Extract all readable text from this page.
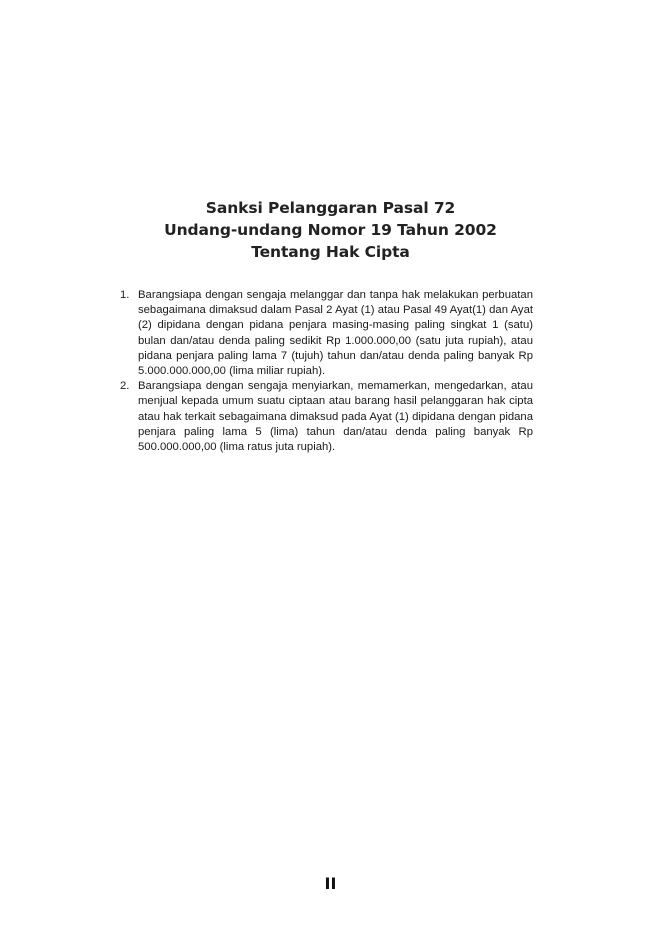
Sanksi Pelanggaran Pasal 72
Undang-undang Nomor 19 Tahun 2002
Tentang Hak Cipta
1. Barangsiapa dengan sengaja melanggar dan tanpa hak melakukan perbuatan sebagaimana dimaksud dalam Pasal 2 Ayat (1) atau Pasal 49 Ayat(1) dan Ayat (2) dipidana dengan pidana penjara masing-masing paling singkat 1 (satu) bulan dan/atau denda paling sedikit Rp 1.000.000,00 (satu juta rupiah), atau pidana penjara paling lama 7 (tujuh) tahun dan/atau denda paling banyak Rp 5.000.000.000,00 (lima miliar rupiah).
2. Barangsiapa dengan sengaja menyiarkan, memamerkan, mengedarkan, atau menjual kepada umum suatu ciptaan atau barang hasil pelanggaran hak cipta atau hak terkait sebagaimana dimaksud pada Ayat (1) dipidana dengan pidana penjara paling lama 5 (lima) tahun dan/atau denda paling banyak Rp 500.000.000,00 (lima ratus juta rupiah).
II
